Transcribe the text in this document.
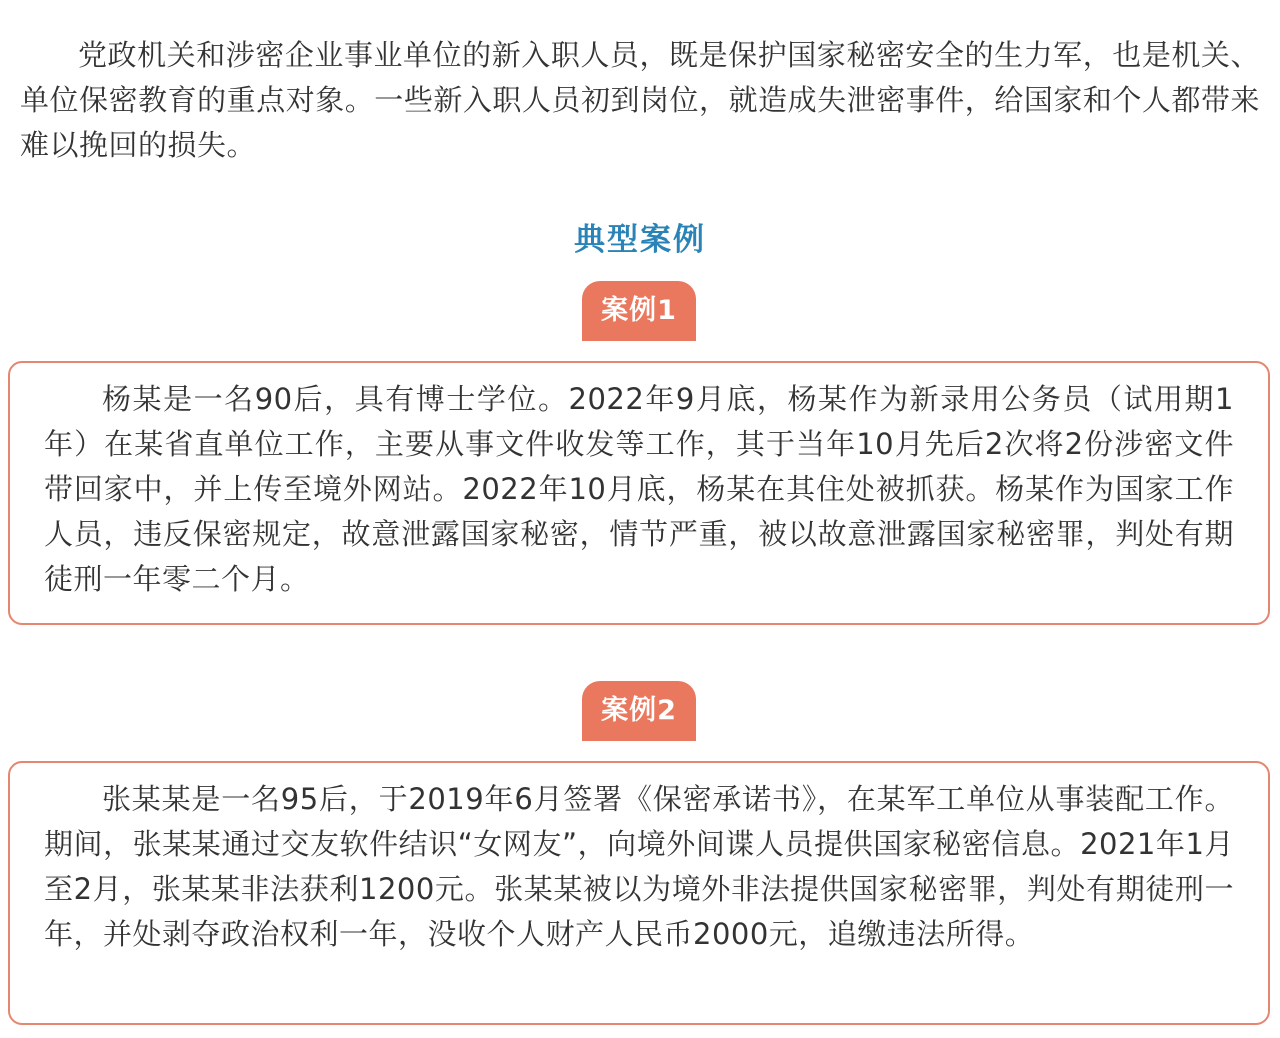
党政机关和涉密企业事业单位的新入职人员，既是保护国家秘密安全的生力军，也是机关、单位保密教育的重点对象。一些新入职人员初到岗位，就造成失泄密事件，给国家和个人都带来难以挽回的损失。

典型案例
案例1

杨某是一名90后，具有博士学位。2022年9月底，杨某作为新录用公务员（试用期1年）在某省直单位工作，主要从事文件收发等工作，其于当年10月先后2次将2份涉密文件带回家中，并上传至境外网站。2022年10月底，杨某在其住处被抓获。杨某作为国家工作人员，违反保密规定，故意泄露国家秘密，情节严重，被以故意泄露国家秘密罪，判处有期徒刑一年零二个月。

案例2

张某某是一名95后，于2019年6月签署《保密承诺书》，在某军工单位从事装配工作。期间，张某某通过交友软件结识“女网友”，向境外间谍人员提供国家秘密信息。2021年1月至2月，张某某非法获利1200元。张某某被以为境外非法提供国家秘密罪，判处有期徒刑一年，并处剥夺政治权利一年，没收个人财产人民币2000元，追缴违法所得。
